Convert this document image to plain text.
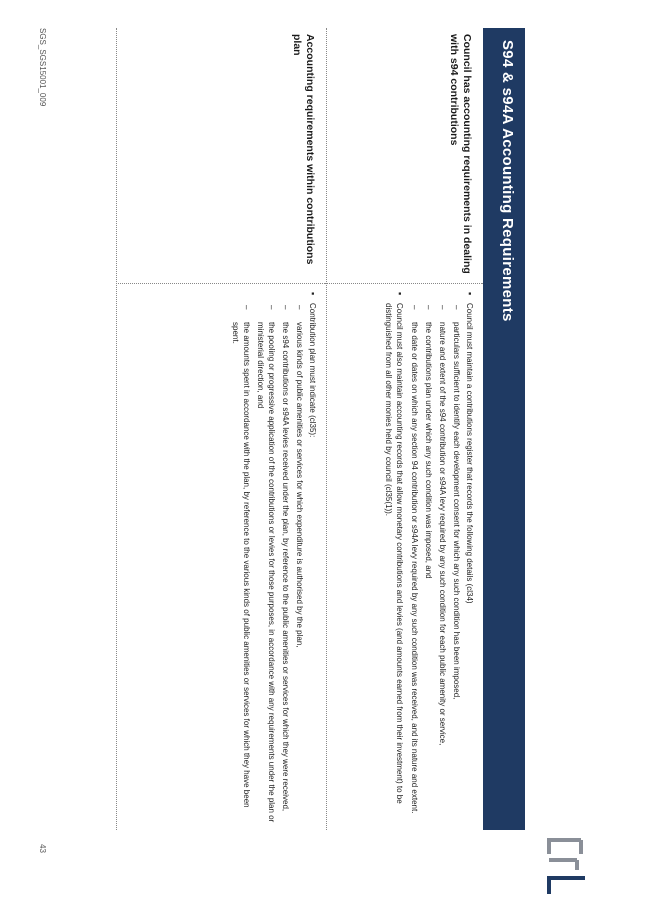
S94 & s94A Accounting Requirements
Council has accounting requirements in dealing with s94 contributions
▪ Council must maintain a contributions register that records the following details (cl34)
– particulars sufficient to identify each development consent for which any such condition has been imposed,
– nature and extent of the s94 contribution or s94A levy required by any such condition for each public amenity or service,
– the contributions plan under which any such condition was imposed, and
– the date or dates on which any section 94 contribution or s94A levy required by any such condition was received, and its nature and extent.
▪ Council must also maintain accounting records that allow monetary contributions and levies (and amounts earned from their investment) to be distinguished from all other monies held by council (cl35(1)).
Accounting requirements within contributions plan
▪ Contribution plan must indicate (cl35):
– various kinds of public amenities or services for which expenditure is authorised by the plan,
– the s94 contributions or s94A levies received under the plan, by reference to the public amenities or services for which they were received,
– the pooling or progressive application of the contributions or levies for those purposes, in accordance with any requirements under the plan or ministerial direction, and
– the amounts spent in accordance with the plan, by reference to the various kinds of public amenities or services for which they have been spent.
SGS_SGS15001_009
43
